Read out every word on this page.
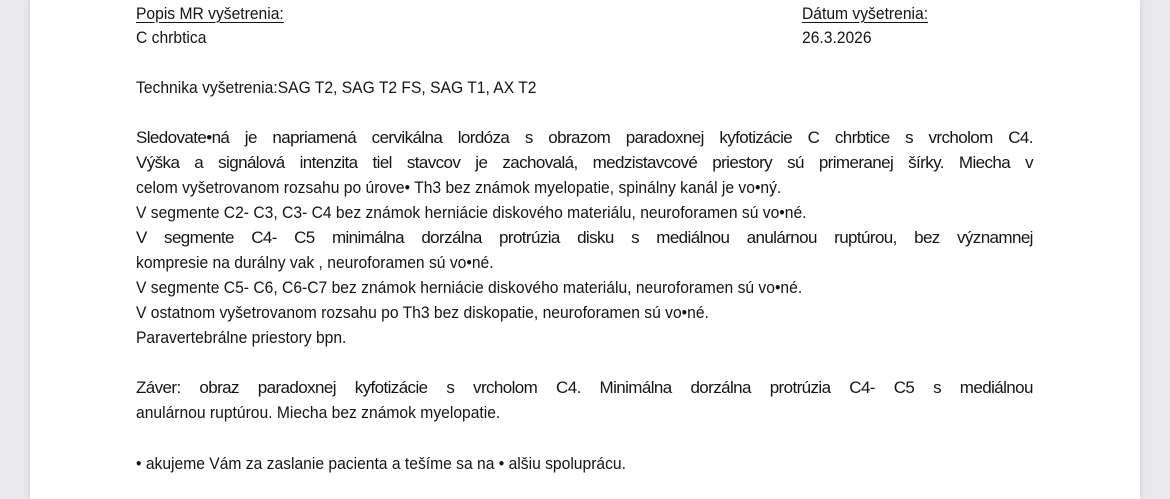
Popis MR vyšetrenia:
C chrbtica
Dátum vyšetrenia:
26.3.2026
Technika vyšetrenia:SAG T2, SAG T2 FS, SAG T1, AX T2
Sledovate•ná je napriamená cervikálna lordóza s obrazom paradoxnej kyfotizácie C chrbtice s vrcholom C4.
Výška a signálová intenzita tiel stavcov je zachovalá, medzistavcové priestory sú primeranej šírky. Miecha v
celom vyšetrovanom rozsahu po úrove• Th3 bez známok myelopatie, spinálny kanál je vo•ný.
V segmente C2- C3, C3- C4 bez známok herniácie diskového materiálu, neuroforamen sú vo•né.
V segmente C4- C5 minimálna dorzálna protrúzia disku s mediálnou anulárnou ruptúrou, bez významnej
kompresie na durálny vak , neuroforamen sú vo•né.
V segmente C5- C6, C6-C7 bez známok herniácie diskového materiálu, neuroforamen sú vo•né.
V ostatnom vyšetrovanom rozsahu po Th3 bez diskopatie, neuroforamen sú vo•né.
Paravertebrálne priestory bpn.
Záver: obraz paradoxnej kyfotizácie s vrcholom C4. Minimálna dorzálna protrúzia C4- C5 s mediálnou
anulárnou ruptúrou. Miecha bez známok myelopatie.
• akujeme Vám za zaslanie pacienta a tešíme sa na • alšiu spoluprácu.
